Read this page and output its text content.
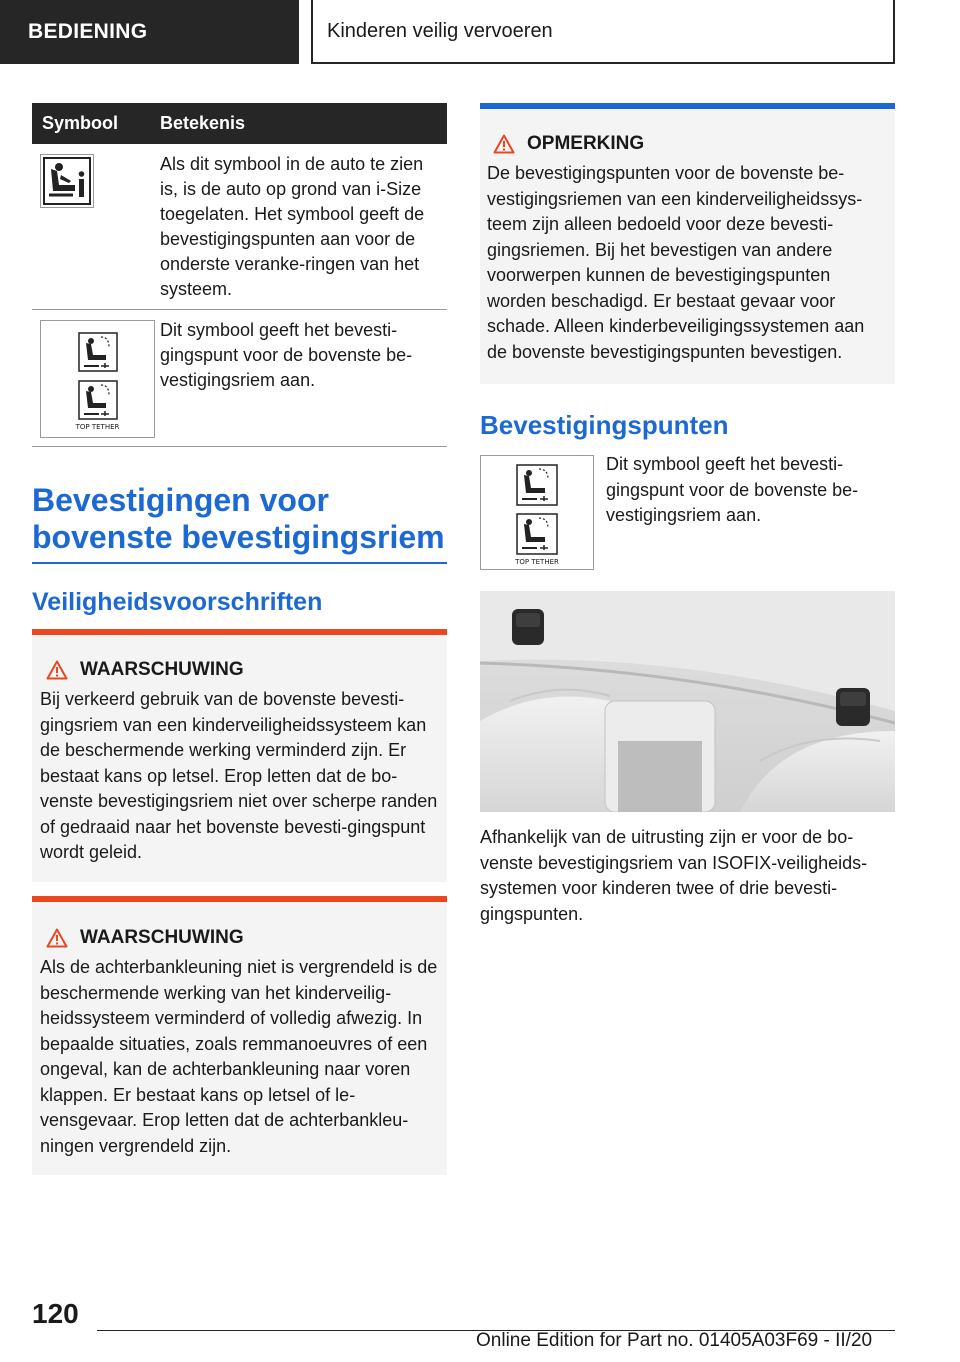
BEDIENING	Kinderen veilig vervoeren
Symbool	Betekenis
Als dit symbool in de auto te zien is, is de auto op grond van i-Size toegelaten. Het symbool geeft de bevestigingspunten aan voor de onderste veranke-ringen van het systeem.
TOP TETHER
Dit symbool geeft het bevesti-gingspunt voor de bovenste be-vestigingsriem aan.
Bevestigingen voor bovenste bevestigingsriem
Veiligheidsvoorschriften
WAARSCHUWING
Bij verkeerd gebruik van de bovenste bevesti-gingsriem van een kinderveiligheidssysteem kan de beschermende werking verminderd zijn. Er bestaat kans op letsel. Erop letten dat de bo-venste bevestigingsriem niet over scherpe randen of gedraaid naar het bovenste bevesti-gingspunt wordt geleid.
WAARSCHUWING
Als de achterbankleuning niet is vergrendeld is de beschermende werking van het kinderveilig-heidssysteem verminderd of volledig afwezig. In bepaalde situaties, zoals remmanoeuvres of een ongeval, kan de achterbankleuning naar voren klappen. Er bestaat kans op letsel of le-vensgevaar. Erop letten dat de achterbankleu-ningen vergrendeld zijn.
OPMERKING
De bevestigingspunten voor de bovenste be-vestigingsriemen van een kinderveiligheidssys-teem zijn alleen bedoeld voor deze bevesti-gingsriemen. Bij het bevestigen van andere voorwerpen kunnen de bevestigingspunten worden beschadigd. Er bestaat gevaar voor schade. Alleen kinderbeveiligingssystemen aan de bovenste bevestigingspunten bevestigen.
Bevestigingspunten
TOP TETHER
Dit symbool geeft het bevesti-gingspunt voor de bovenste be-vestigingsriem aan.
Afhankelijk van de uitrusting zijn er voor de bo-venste bevestigingsriem van ISOFIX-veiligheids-systemen voor kinderen twee of drie bevesti-gingspunten.
120
Online Edition for Part no. 01405A03F69 - II/20
